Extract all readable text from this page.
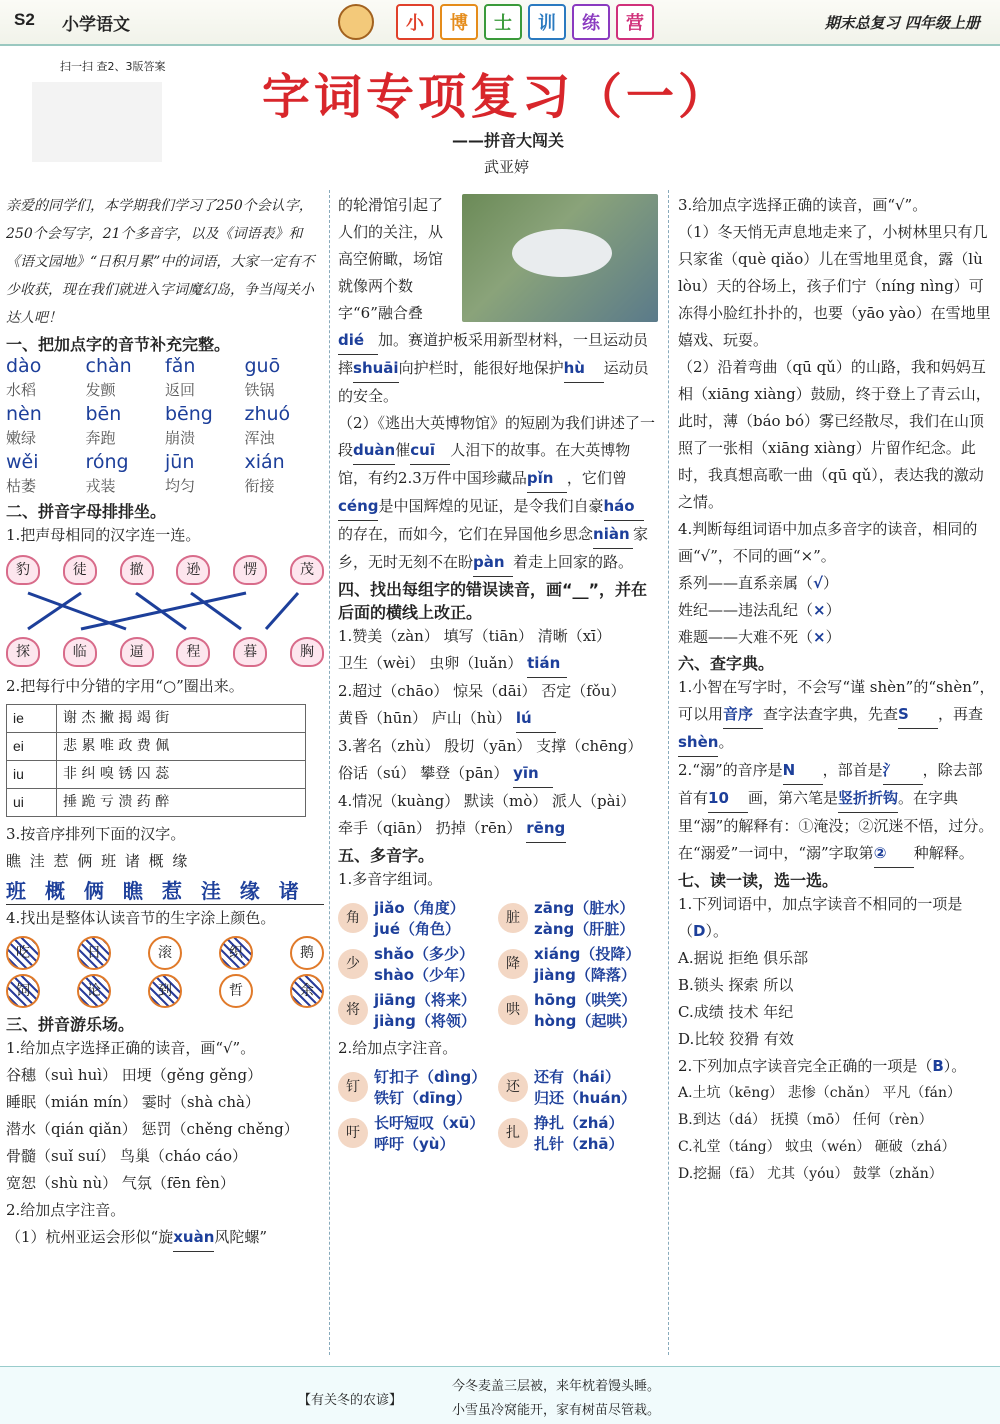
S2 小学语文	小	博	士	训	练	营	期末总复习 四年级上册
扫一扫 查2、3版答案
字词专项复习（一）
——拼音大闯关
武亚婷

亲爱的同学们，本学期我们学习了250个会认字，250个会写字，21个多音字，以及《词语表》和《语文园地》“日积月累”中的词语，大家一定有不少收获，现在我们就进入字词魔幻岛，争当闯关小达人吧！

一、把加点字的音节补充完整。

dào
水稻
chàn
发颤
fǎn
返回
guō
铁锅
nèn
嫩绿
bēn
奔跑
bēng
崩溃
zhuó
浑浊
wěi
枯萎
róng
戎装
jūn
均匀
xián
衔接

二、拼音字母排排坐。

1.把声母相同的汉字连一连。

豹	徒	撤	逊	愣	茂
探	临	逼	程	暮	胸

2.把每行中分错的字用“○”圈出来。

ie	谢 杰 撇 揭 竭 街
ei	悲 累 唯 政 费 佩
iu	非 纠 嗅 锈 囚 蕊
ui	捶 跪 亏 溃 药 醉

3.按音序排列下面的汉字。

瞧 洼 惹 俩 班 诸 概 缘

班 概 俩 瞧 惹 洼 缘 诸

4.找出是整体认读音节的生字涂上颜色。

吃	日	滚	织	鹅
饲	论	到	哲	余

三、拼音游乐场。

1.给加点字选择正确的读音，画“√”。

谷穗（suì huì） 田埂（gěng gěng）

睡眠（mián mín） 霎时（shà chà）

潜水（qián qiǎn） 惩罚（chěng chěng）

骨髓（suǐ suí） 鸟巢（cháo cáo）

宽恕（shù nù） 气氛（fēn fèn）

2.给加点字注音。

（1）杭州亚运会形似“旋xuàn风陀螺”

的轮滑馆引起了人们的关注，从高空俯瞰，场馆就像两个数字“6”融合叠

dié 加。赛道护板采用新型材料，一旦运动员摔shuāi向护栏时，能很好地保护hù 运动员的安全。

（2）《逃出大英博物馆》的短剧为我们讲述了一段duàn催cuī 人泪下的故事。在大英博物馆，有约2.3万件中国珍藏品pǐn ，它们曾céng是中国辉煌的见证，是令我们自豪háo的存在，而如今，它们在异国他乡思念niàn 家乡，无时无刻不在盼pàn 着走上回家的路。

四、找出每组字的错误读音，画“__”，并在后面的横线上改正。

1.赞美（zàn） 填写（tiān） 清晰（xī）

卫生（wèi） 虫卵（luǎn） tián

2.超过（chāo） 惊呆（dāi） 否定（fǒu）

黄昏（hūn） 庐山（hù） lú

3.著名（zhù） 殷切（yān） 支撑（chēng）

俗话（sú） 攀登（pān） yīn

4.情况（kuàng） 默读（mò） 派人（pài）

牵手（qiān） 扔掉（rēn） rēng

五、多音字。

1.多音字组词。

角
jiǎo（角度）
jué（角色）
脏
zāng（脏水）
zàng（肝脏）
少
shǎo（多少）
shào（少年）
降
xiáng（投降）
jiàng（降落）
将
jiāng（将来）
jiàng（将领）
哄
hōng（哄笑）
hòng（起哄）

2.给加点字注音。

钉
钉扣子（dìng）
铁钉（dīng）
还
还有（hái）
归还（huán）
吁
长吁短叹（xū）
呼吁（yù）
扎
挣扎（zhá）
扎针（zhā）

3.给加点字选择正确的读音，画“√”。

（1）冬天悄无声息地走来了，小树林里只有几只家雀（què qiǎo）儿在雪地里觅食，露（lù lòu）天的谷场上，孩子们宁（níng nìng）可冻得小脸红扑扑的，也要（yāo yào）在雪地里嬉戏、玩耍。

（2）沿着弯曲（qū qǔ）的山路，我和妈妈互相（xiāng xiàng）鼓励，终于登上了青云山，此时，薄（báo bó）雾已经散尽，我们在山顶照了一张相（xiāng xiàng）片留作纪念。此时，我真想高歌一曲（qū qǔ），表达我的激动之情。

4.判断每组词语中加点多音字的读音，相同的画“√”，不同的画“×”。

系列——直系亲属（√）

姓纪——违法乱纪（×）

难题——大难不死（×）

六、查字典。

1.小智在写字时，不会写“谨 shèn”的“shèn”，可以用音序 查字法查字典，先查S ，再查shèn。

2.“溺”的音序是N ，部首是氵 ，除去部首有10 画，第六笔是竖折折钩。在字典里“溺”的解释有：①淹没；②沉迷不悟，过分。在“溺爱”一词中，“溺”字取第② 种解释。

七、读一读，选一选。

1.下列词语中，加点字读音不相同的一项是（D）。

A.据说 拒绝 俱乐部

B.锁头 探索 所以

C.成绩 技术 年纪

D.比较 狡猾 有效

2.下列加点字读音完全正确的一项是（B）。

A.土坑（kēng） 悲惨（chǎn） 平凡（fán）

B.到达（dá） 抚摸（mō） 任何（rèn）

C.礼堂（táng） 蚊虫（wén） 砸破（zhá）

D.挖掘（fā） 尤其（yóu） 鼓掌（zhǎn）

【有关冬的农谚】
今冬麦盖三层被，来年枕着馒头睡。
小雪虽冷窝能开，家有树苗尽管栽。
